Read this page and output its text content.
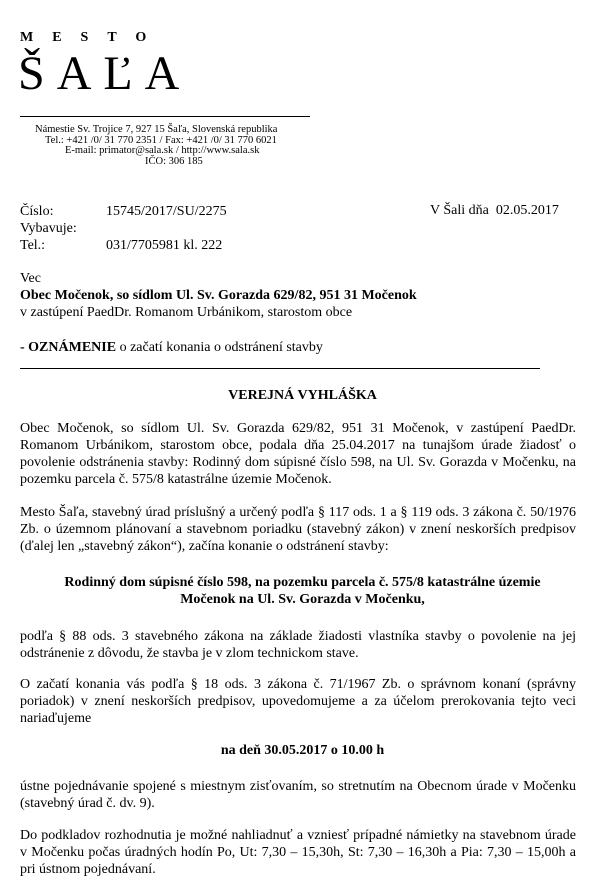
MESTO
ŠAĽA
Námestie Sv. Trojice 7, 927 15 Šaľa, Slovenská republika
Tel.: +421 /0/ 31 770 2351 / Fax: +421 /0/ 31 770 6021
E-mail: primator@sala.sk / http://www.sala.sk
IČO: 306 185
Číslo:	15745/2017/SU/2275
Vybavuje:
Tel.:	031/7705981 kl. 222
V Šali dňa  02.05.2017
Vec
Obec Močenok, so sídlom Ul. Sv. Gorazda 629/82, 951 31 Močenok
v zastúpení PaedDr. Romanom Urbánikom, starostom obce
- OZNÁMENIE o začatí konania o odstránení stavby
VEREJNÁ VYHLÁŠKA
Obec Močenok, so sídlom Ul. Sv. Gorazda 629/82, 951 31 Močenok, v zastúpení PaedDr. Romanom Urbánikom, starostom obce, podala dňa 25.04.2017 na tunajšom úrade žiadosť o povolenie odstránenia stavby: Rodinný dom súpisné číslo 598, na Ul. Sv. Gorazda v Močenku, na pozemku parcela č. 575/8 katastrálne územie Močenok.
Mesto Šaľa, stavebný úrad príslušný a určený podľa § 117 ods. 1 a § 119 ods. 3 zákona č. 50/1976 Zb. o územnom plánovaní a stavebnom poriadku (stavebný zákon) v znení neskorších predpisov (ďalej len „stavebný zákon“), začína konanie o odstránení stavby:
Rodinný dom súpisné číslo 598, na pozemku parcela č. 575/8 katastrálne územie
Močenok na Ul. Sv. Gorazda v Močenku,
podľa § 88 ods. 3 stavebného zákona na základe žiadosti vlastníka stavby o povolenie na jej odstránenie z dôvodu, že stavba je v zlom technickom stave.
O začatí konania vás podľa § 18 ods. 3 zákona č. 71/1967 Zb. o správnom konaní (správny poriadok) v znení neskorších predpisov, upovedomujeme a za účelom prerokovania tejto veci nariaďujeme
na deň 30.05.2017 o 10.00 h
ústne pojednávanie spojené s miestnym zisťovaním, so stretnutím na Obecnom úrade v Močenku (stavebný úrad č. dv. 9).
Do podkladov rozhodnutia je možné nahliadnuť a vzniesť prípadné námietky na stavebnom úrade v Močenku počas úradných hodín Po, Ut: 7,30 – 15,30h, St: 7,30 – 16,30h a Pia: 7,30 – 15,00h a pri ústnom pojednávaní.
